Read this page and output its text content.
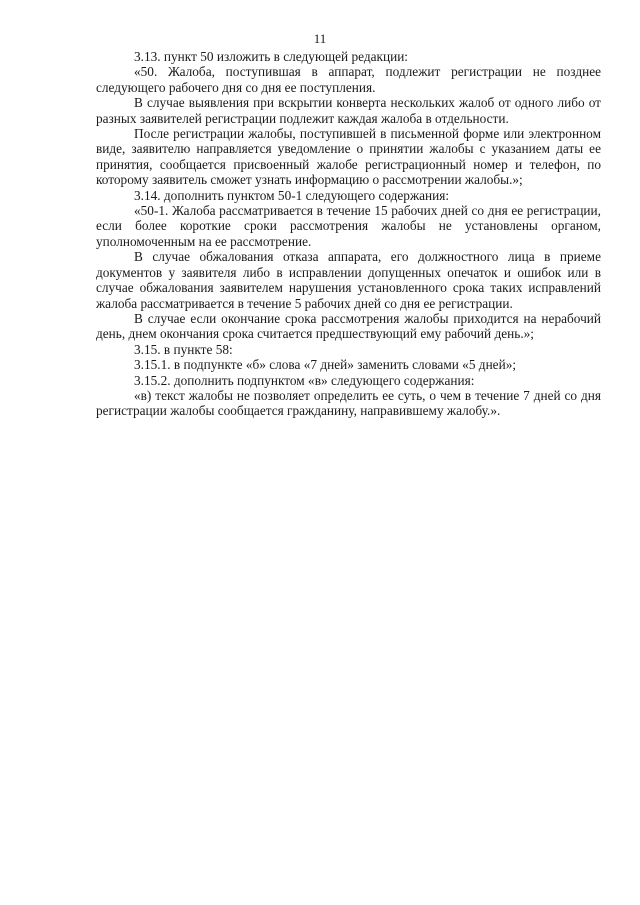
11

3.13. пункт 50 изложить в следующей редакции:

«50. Жалоба, поступившая в аппарат, подлежит регистрации не позднее следующего рабочего дня со дня ее поступления.

В случае выявления при вскрытии конверта нескольких жалоб от одного либо от разных заявителей регистрации подлежит каждая жалоба в отдельности.

После регистрации жалобы, поступившей в письменной форме или электронном виде, заявителю направляется уведомление о принятии жалобы с указанием даты ее принятия, сообщается присвоенный жалобе регистрационный номер и телефон, по которому заявитель сможет узнать информацию о рассмотрении жалобы.»;

3.14. дополнить пунктом 50-1 следующего содержания:

«50-1. Жалоба рассматривается в течение 15 рабочих дней со дня ее регистрации, если более короткие сроки рассмотрения жалобы не установлены органом, уполномоченным на ее рассмотрение.

В случае обжалования отказа аппарата, его должностного лица в приеме документов у заявителя либо в исправлении допущенных опечаток и ошибок или в случае обжалования заявителем нарушения установленного срока таких исправлений жалоба рассматривается в течение 5 рабочих дней со дня ее регистрации.

В случае если окончание срока рассмотрения жалобы приходится на нерабочий день, днем окончания срока считается предшествующий ему рабочий день.»;

3.15. в пункте 58:

3.15.1. в подпункте «б» слова «7 дней» заменить словами «5 дней»;

3.15.2. дополнить подпунктом «в» следующего содержания:

«в) текст жалобы не позволяет определить ее суть, о чем в течение 7 дней со дня регистрации жалобы сообщается гражданину, направившему жалобу.».
